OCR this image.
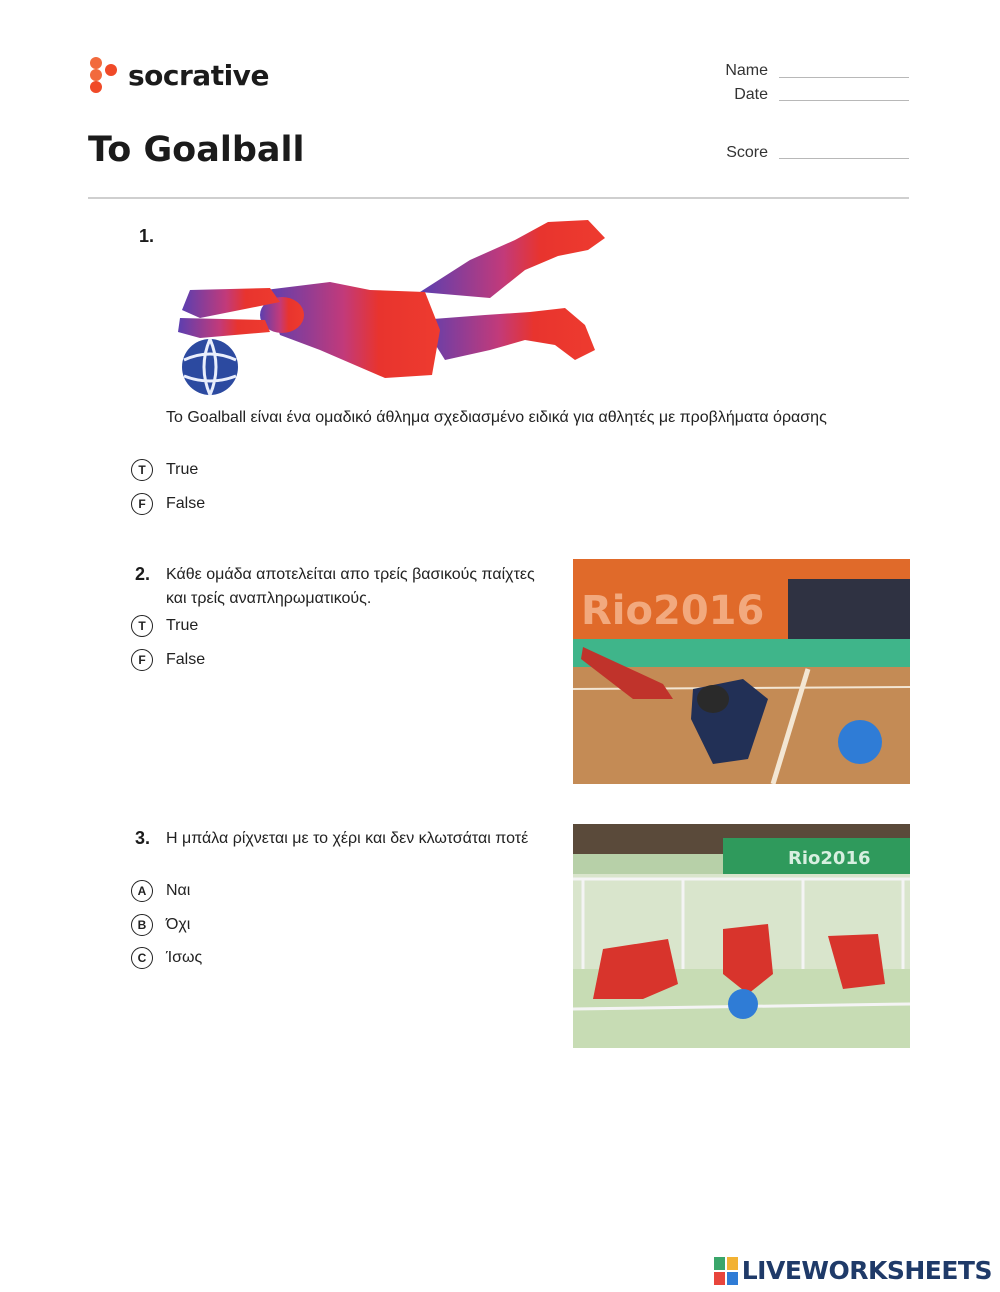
socrative	Name
Date
To Goalball	Score
1.
Το Goalball είναι ένα ομαδικό άθλημα σχεδιασμένο ειδικά για αθλητές με προβλήματα όρασης
T	True
F	False
2. Κάθε ομάδα αποτελείται απο τρείς βασικούς παίχτες και τρείς αναπληρωματικούς.
T	True
F	False
Rio2016
3. Η μπάλα ρίχνεται με το χέρι και δεν κλωτσάται ποτέ
A	Ναι
B	Όχι
C	Ίσως
Rio2016
LIVEWORKSHEETS
